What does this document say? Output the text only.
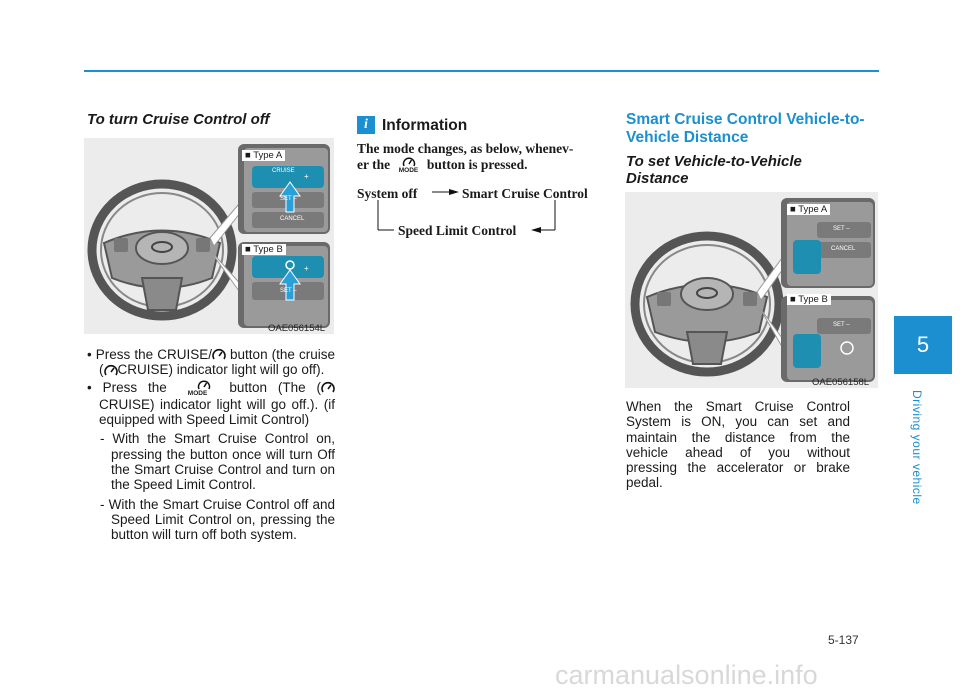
To turn Cruise Control off
■ Type A
CRUISE
+
SET –
CANCEL
■ Type B
+
SET –
OAE056154L

• Press the CRUISE/ button (the cruise ( CRUISE) indicator light will go off).

• Press the	MODE	button (The (CRUISE) indicator light will go off.). (if equipped with Speed Limit Control)

- With the Smart Cruise Control on, pressing the button once will turn Off the Smart Cruise Control and turn on the Speed Limit Control.

- With the Smart Cruise Control off and Speed Limit Control on, pressing the button will turn off both system.

i Information
The mode changes, as below, whenev-
er the	MODE button is pressed.
System off	Smart Cruise Control
Speed Limit Control
Smart Cruise Control Vehicle-to-Vehicle Distance
To set Vehicle-to-Vehicle Distance
■ Type A
SET –
CANCEL
■ Type B
SET –
OAE056158L
When the Smart Cruise Control System is ON, you can set and maintain the distance from the vehicle ahead of you without pressing the accelerator or brake pedal.
5
Driving your vehicle
5-137
carmanualsonline.info
